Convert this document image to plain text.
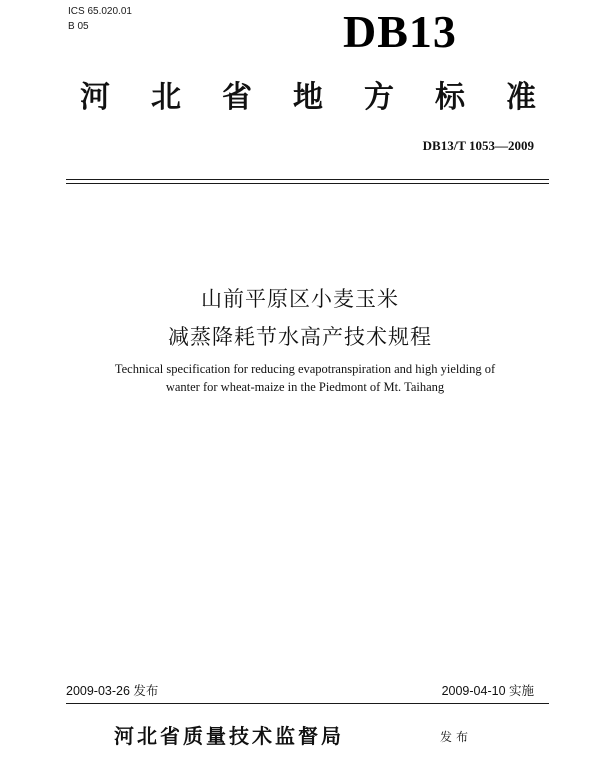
ICS 65.020.01
B 05	DB13
河 北 省 地 方 标 准
DB13/T 1053—2009
山前平原区小麦玉米
减蒸降耗节水高产技术规程
Technical specification for reducing evapotranspiration and high yielding of
wanter for wheat-maize in the Piedmont of Mt. Taihang
2009-03-26 发布	2009-04-10 实施
河北省质量技术监督局	发布
